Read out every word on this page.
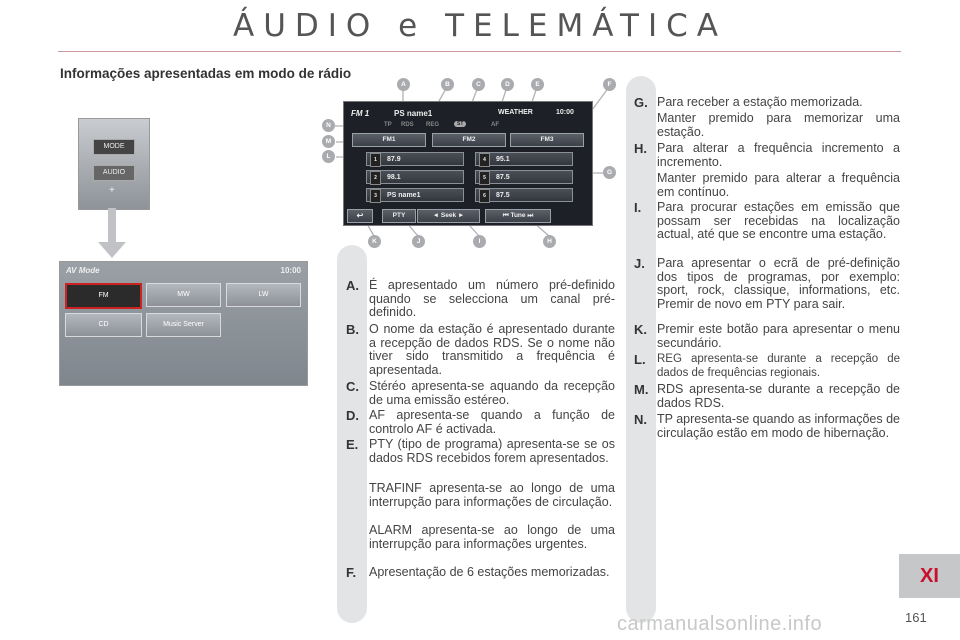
ÁUDIO e TELEMÁTICA
Informações apresentadas em modo de rádio
MODE
AUDIO
+
AV Mode	10:00
FM	MW	LW
CD	Music Server
FM 1	PS name1	WEATHER	10:00
TP RDS REG	ST	AF
FM1	FM2	FM3
1 87.9
2 98.1
3 PS name1
4 95.1
5 87.5
6 87.5
↩	PTY	◄ Seek ►	⏮ Tune ⏭
A	B	C	D	E	F
G
H
I
J
K
L
M
N
A. É apresentado um número pré-definido quando se selecciona um canal pré-definido.
B. O nome da estação é apresentado durante a recepção de dados RDS. Se o nome não tiver sido transmitido a frequência é apresentada.
C. Stéréo apresenta-se aquando da recepção de uma emissão estéreo.
D. AF apresenta-se quando a função de controlo AF é activada.
E. PTY (tipo de programa) apresenta-se se os dados RDS recebidos forem apresentados.
TRAFINF apresenta-se ao longo de uma interrupção para informações de circulação.
ALARM apresenta-se ao longo de uma interrupção para informações urgentes.
F. Apresentação de 6 estações memorizadas.
G. Para receber a estação memorizada.
Manter premido para memorizar uma estação.
H. Para alterar a frequência incremento a incremento.
Manter premido para alterar a frequência em contínuo.
I. Para procurar estações em emissão que possam ser recebidas na localização actual, até que se encontre uma estação.
J. Para apresentar o ecrã de pré-definição dos tipos de programas, por exemplo: sport, rock, classique, informations, etc. Premir de novo em PTY para sair.
K. Premir este botão para apresentar o menu secundário.
L. REG apresenta-se durante a recepção de dados de frequências regionais.
M. RDS apresenta-se durante a recepção de dados RDS.
N. TP apresenta-se quando as informações de circulação estão em modo de hibernação.
XI
161
carmanualsonline.info
